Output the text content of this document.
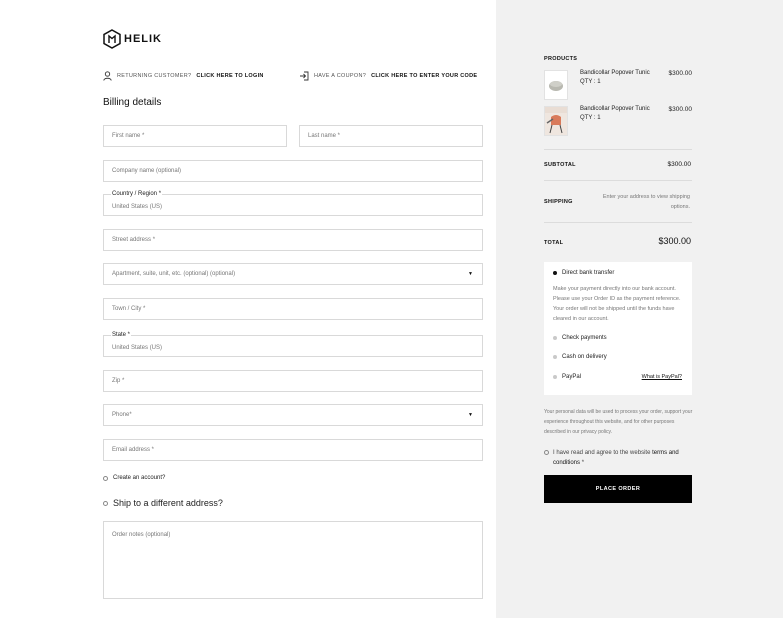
HELIK
RETURNING CUSTOMER? CLICK HERE TO LOGIN	HAVE A COUPON? CLICK HERE TO ENTER YOUR CODE
Billing details
First name *	Last name *
Company name (optional)
Country / Region *
United States (US)
Street address *
Apartment, suite, unit, etc. (optional) (optional)	▼
Town / City *
State *
United States (US)
Zip *
Phone*	▼
Email address *
Create an account?
Ship to a different address?
Order notes (optional)
PRODUCTS
Bandicollar Popover Tunic
QTY : 1
$300.00
Bandicollar Popover Tunic
QTY : 1
$300.00
SUBTOTAL	$300.00
SHIPPING
Enter your address to view shipping options.
TOTAL	$300.00
Direct bank transfer
Make your payment directly into our bank account. Please use your Order ID as the payment reference. Your order will not be shipped until the funds have cleared in our account.
Check payments
Cash on delivery
PayPal	What is PayPal?
Your personal data will be used to process your order, support your experience throughout this website, and for other purposes described in our privacy policy.
I have read and agree to the website terms and conditions *
PLACE ORDER
